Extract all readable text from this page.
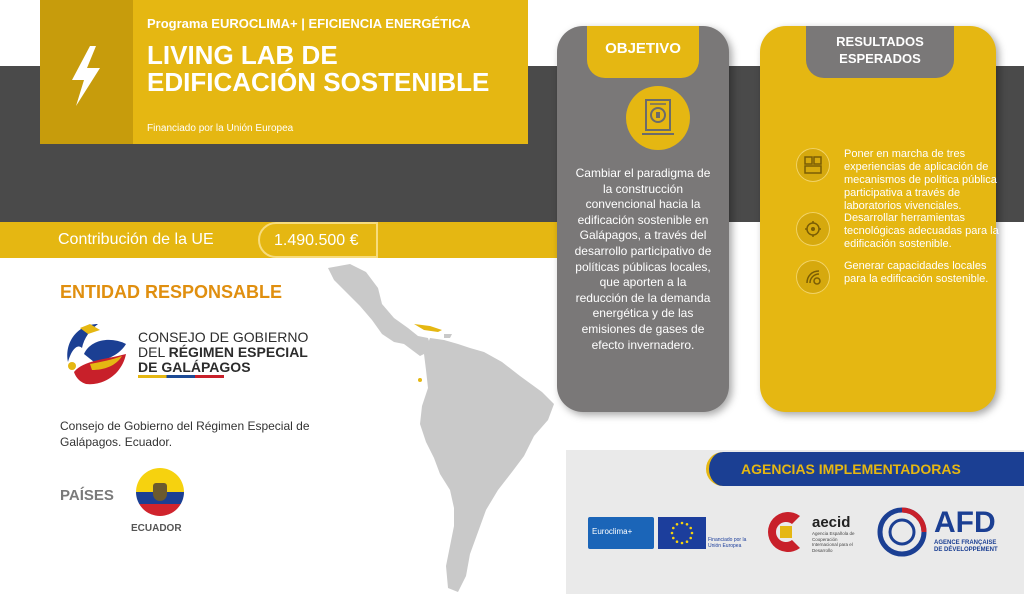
Programa EUROCLIMA+ | EFICIENCIA ENERGÉTICA
LIVING LAB DE EDIFICACIÓN SOSTENIBLE
Financiado por la Unión Europea
Contribución de la UE	1.490.500 €
ENTIDAD RESPONSABLE
CONSEJO DE GOBIERNO
DEL RÉGIMEN ESPECIAL
DE GALÁPAGOS
Consejo de Gobierno del Régimen Especial de Galápagos. Ecuador.
PAÍSES
ECUADOR
OBJETIVO
Cambiar el paradigma de la construcción convencional hacia la edificación sostenible en Galápagos, a través del desarrollo participativo de políticas públicas locales, que aporten a la reducción de la demanda energética y de las emisiones de gases de efecto invernadero.
RESULTADOS
ESPERADOS
Poner en marcha de tres experiencias de aplicación de mecanismos de política pública participativa a través de laboratorios vivenciales.
Desarrollar herramientas tecnológicas adecuadas para la edificación sostenible.
Generar capacidades locales para la edificación sostenible.
AGENCIAS IMPLEMENTADORAS
Euroclima+
Financiado por la Unión Europea
aecid
Agencia Española de Cooperación Internacional para el Desarrollo
AFD
AGENCE FRANÇAISE
DE DÉVELOPPEMENT
